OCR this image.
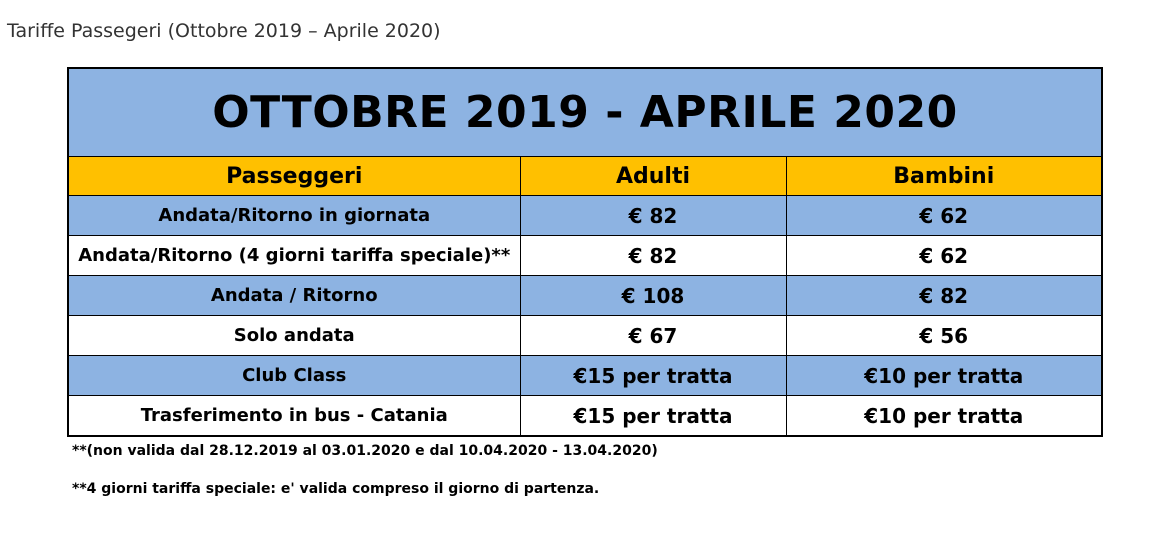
Tariffe Passegeri (Ottobre 2019 – Aprile 2020)
OTTOBRE 2019 - APRILE 2020		
Passeggeri	Adulti	Bambini
Andata/Ritorno in giornata	€ 82	€ 62
Andata/Ritorno (4 giorni tariffa speciale)**	€ 82	€ 62
Andata / Ritorno	€ 108	€ 82
Solo andata	€ 67	€ 56
Club Class	€15 per tratta	€10 per tratta
Trasferimento in bus - Catania	€15 per tratta	€10 per tratta

**(non valida dal 28.12.2019 al 03.01.2020 e dal 10.04.2020 - 13.04.2020)

**4 giorni tariffa speciale: e' valida compreso il giorno di partenza.
